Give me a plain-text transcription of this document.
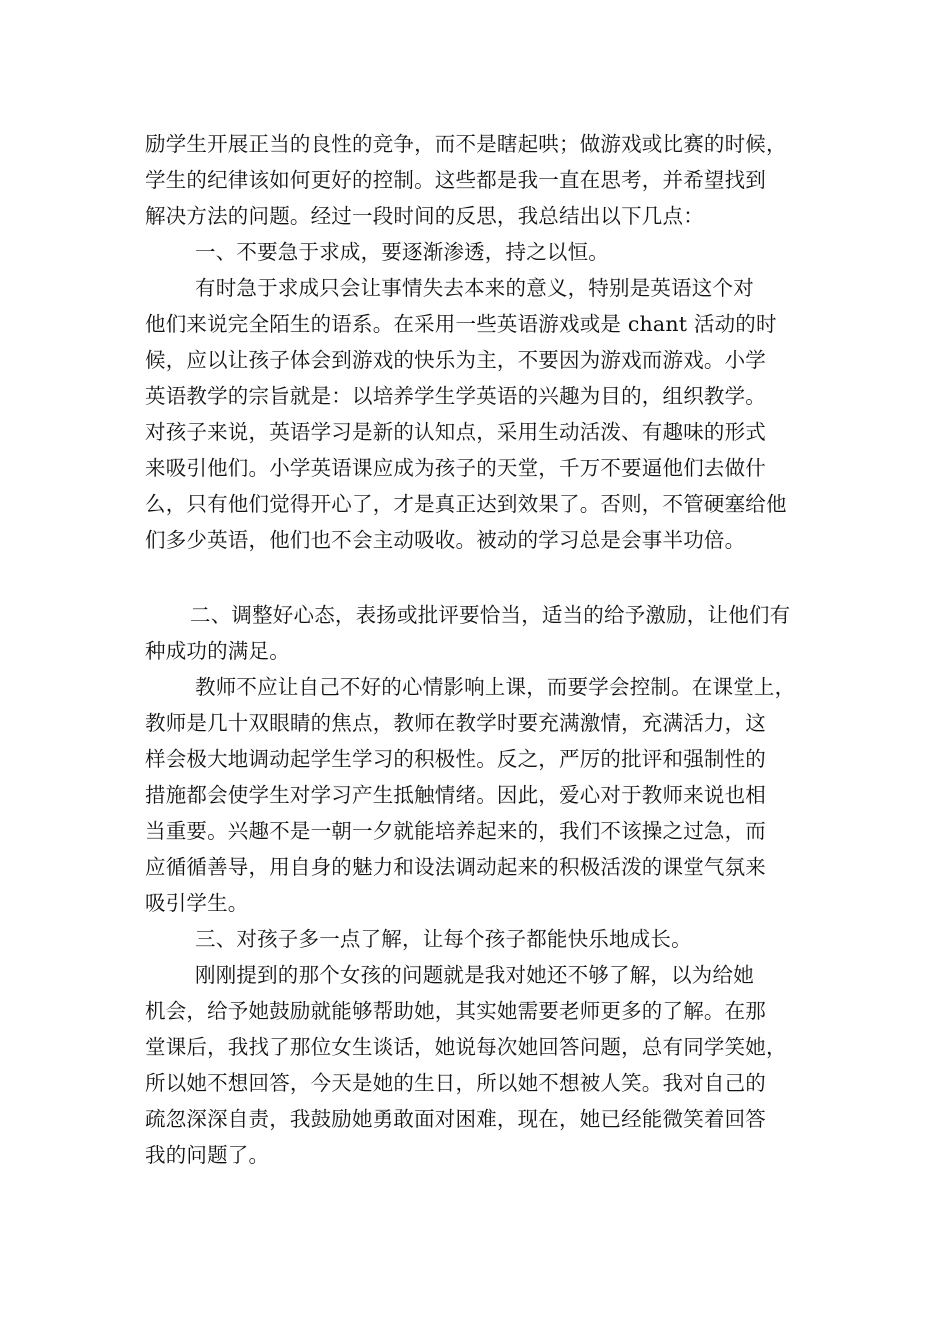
励学生开展正当的良性的竞争，而不是瞎起哄；做游戏或比赛的时候，
学生的纪律该如何更好的控制。这些都是我一直在思考，并希望找到
解决方法的问题。经过一段时间的反思，我总结出以下几点：
一、不要急于求成，要逐渐渗透，持之以恒。
有时急于求成只会让事情失去本来的意义，特别是英语这个对
他们来说完全陌生的语系。在采用一些英语游戏或是 chant 活动的时
候，应以让孩子体会到游戏的快乐为主，不要因为游戏而游戏。小学
英语教学的宗旨就是：以培养学生学英语的兴趣为目的，组织教学。
对孩子来说，英语学习是新的认知点，采用生动活泼、有趣味的形式
来吸引他们。小学英语课应成为孩子的天堂，千万不要逼他们去做什
么，只有他们觉得开心了，才是真正达到效果了。否则，不管硬塞给他
们多少英语，他们也不会主动吸收。被动的学习总是会事半功倍。
二、调整好心态，表扬或批评要恰当，适当的给予激励，让他们有
种成功的满足。
教师不应让自己不好的心情影响上课，而要学会控制。在课堂上，
教师是几十双眼睛的焦点，教师在教学时要充满激情，充满活力，这
样会极大地调动起学生学习的积极性。反之，严厉的批评和强制性的
措施都会使学生对学习产生抵触情绪。因此，爱心对于教师来说也相
当重要。兴趣不是一朝一夕就能培养起来的，我们不该操之过急，而
应循循善导，用自身的魅力和设法调动起来的积极活泼的课堂气氛来
吸引学生。
三、对孩子多一点了解，让每个孩子都能快乐地成长。
刚刚提到的那个女孩的问题就是我对她还不够了解，以为给她
机会，给予她鼓励就能够帮助她，其实她需要老师更多的了解。在那
堂课后，我找了那位女生谈话，她说每次她回答问题，总有同学笑她，
所以她不想回答，今天是她的生日，所以她不想被人笑。我对自己的
疏忽深深自责，我鼓励她勇敢面对困难，现在，她已经能微笑着回答
我的问题了。
